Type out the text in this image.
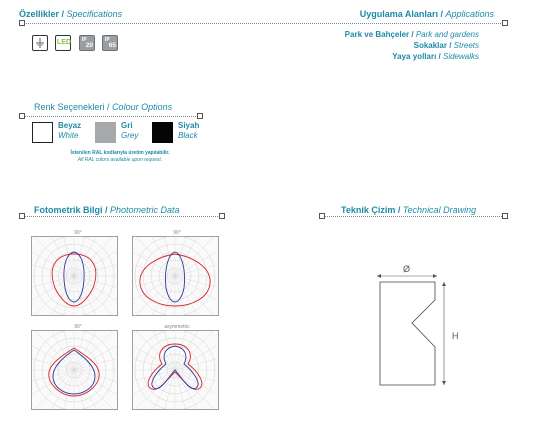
Özellikler / Specifications
LED IP
20
IP
65
Uygulama Alanları / Applications
Park ve Bahçeler / Park and gardens
Sokaklar / Streets
Yaya yolları / Sidewalks
Renk Seçenekleri / Colour Options
Beyaz
White
Gri
Grey
Siyah
Black
İstenilen RAL kodlarıyla üretim yapılabilir.
All RAL colors available upon request.
Fotometrik Bilgi / Photometric Data
90°	90°
90°	asymmetric
Teknik Çizim / Technical Drawing
Ø
H
